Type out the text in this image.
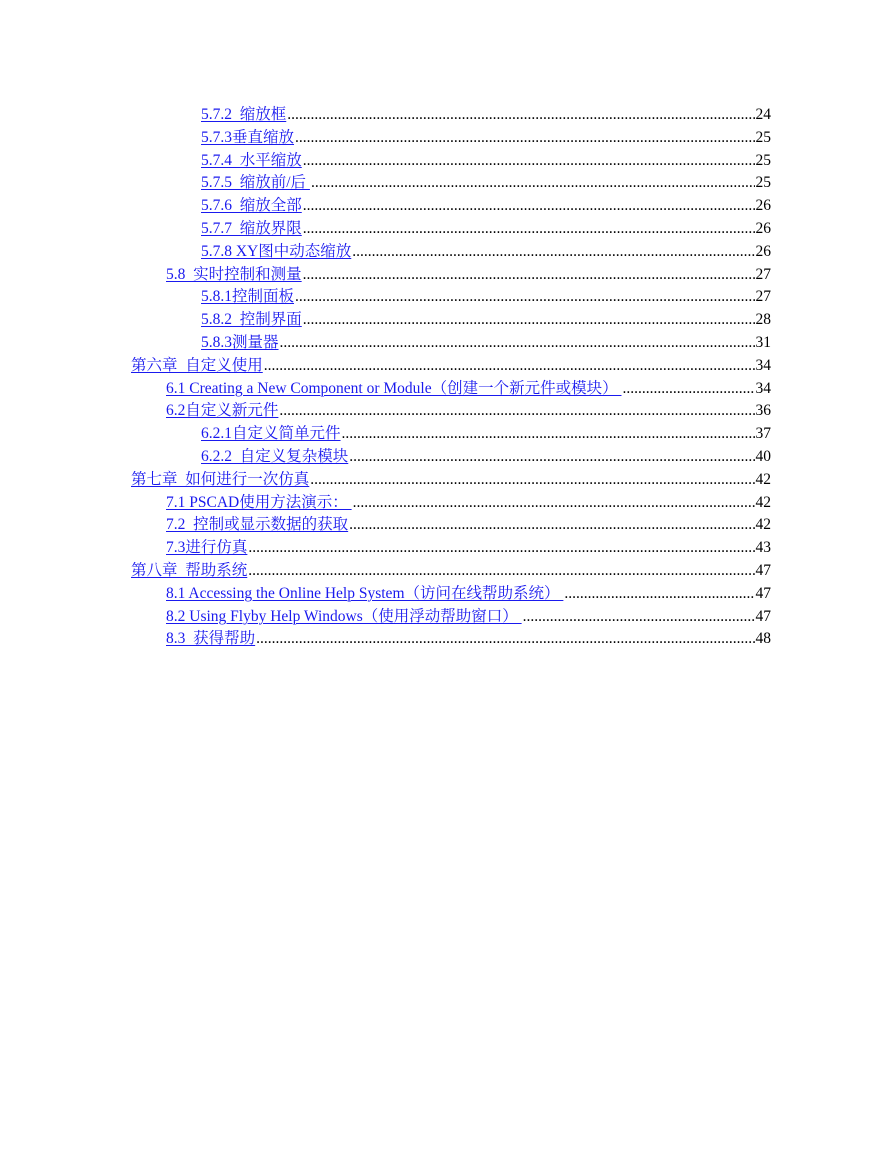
5.7.2  缩放框 .....	24
5.7.3垂直缩放 .....	25
5.7.4  水平缩放 .....	25
5.7.5  缩放前/后 .....	25
5.7.6  缩放全部 .....	26
5.7.7  缩放界限 .....	26
5.7.8 XY图中动态缩放 .....	26
5.8  实时控制和测量 .....	27
5.8.1控制面板 .....	27
5.8.2  控制界面 .....	28
5.8.3测量器 .....	31
第六章  自定义使用 .....	34
6.1 Creating a New Component or Module（创建一个新元件或模块） .....	34
6.2自定义新元件 .....	36
6.2.1自定义简单元件 .....	37
6.2.2  自定义复杂模块 .....	40
第七章  如何进行一次仿真 .....	42
7.1 PSCAD使用方法演示： .....	42
7.2  控制或显示数据的获取 .....	42
7.3进行仿真 .....	43
第八章  帮助系统 .....	47
8.1 Accessing the Online Help System（访问在线帮助系统） .....	47
8.2 Using Flyby Help Windows（使用浮动帮助窗口） .....	47
8.3  获得帮助 .....	48
